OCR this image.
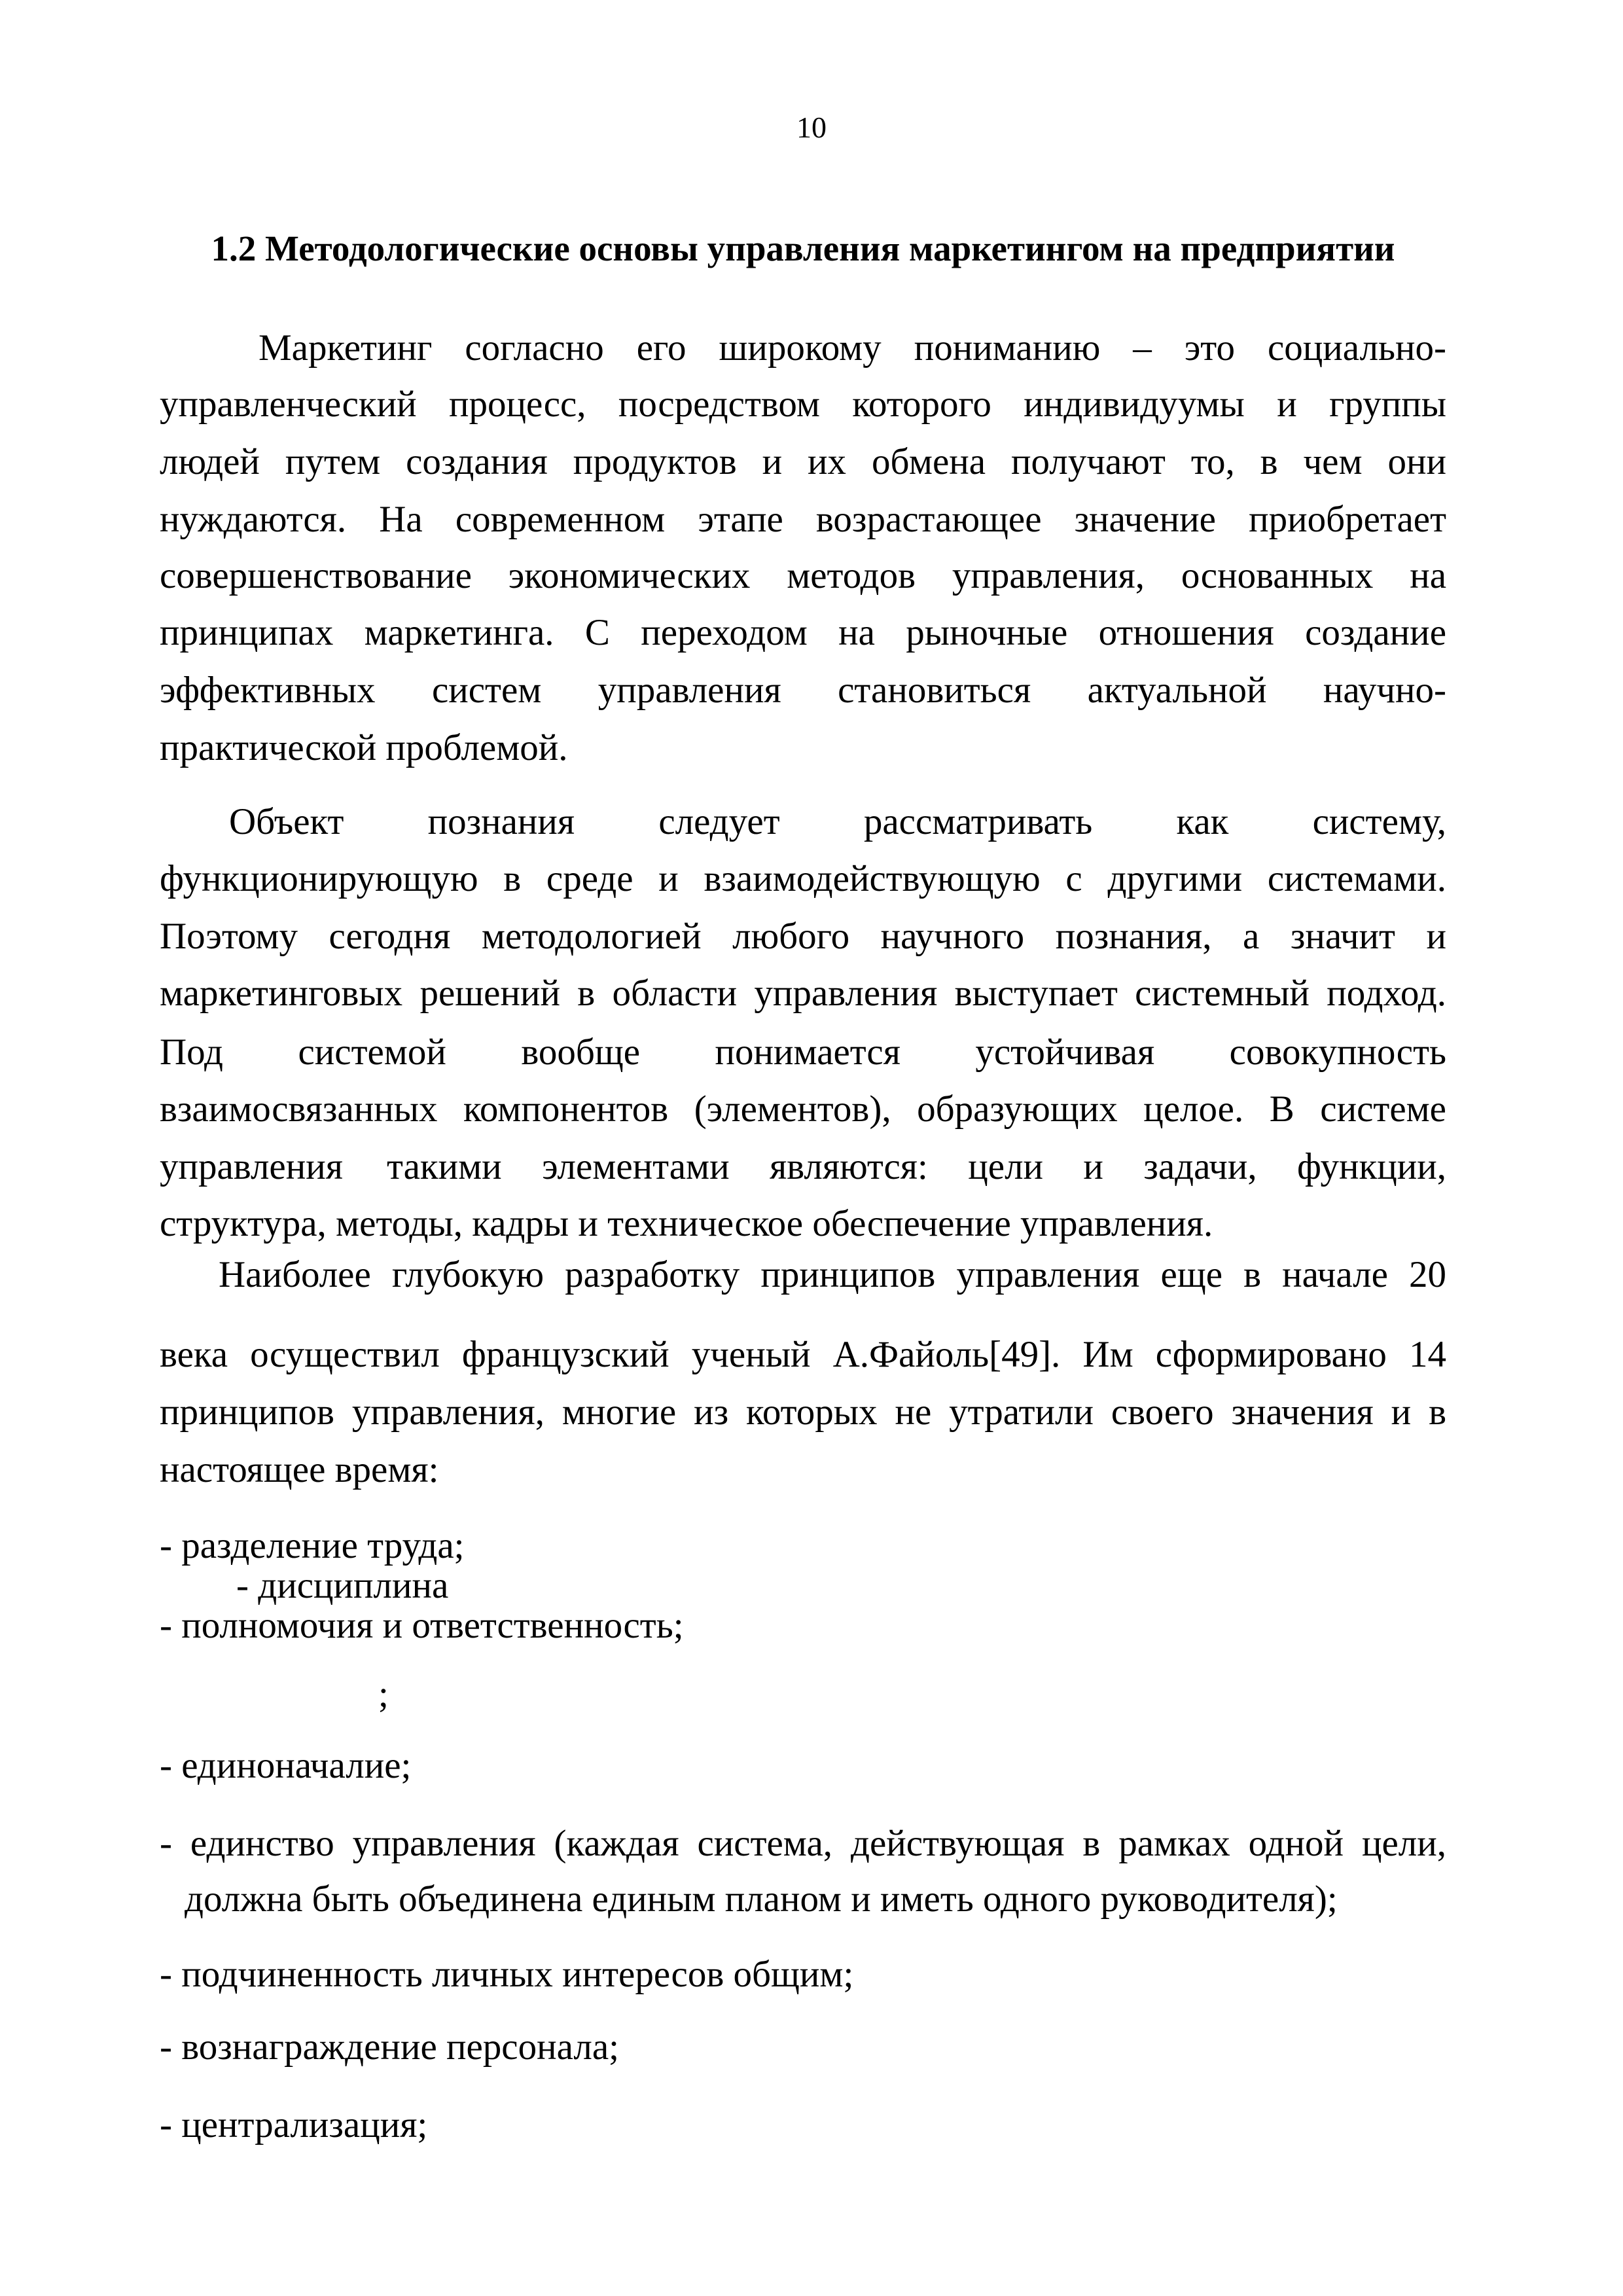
10
1.2 Методологические основы управления маркетингом на предприятии
Маркетинг согласно его широкому пониманию – это социально-
управленческий процесс, посредством которого индивидуумы и группы
людей путем создания продуктов и их обмена получают то, в чем они
нуждаются. На современном этапе возрастающее значение приобретает
совершенствование экономических методов управления, основанных на
принципах маркетинга. С переходом на рыночные отношения создание
эффективных систем управления становиться актуальной научно-
практической проблемой.
Объект познания следует рассматривать как систему,
функционирующую в среде и взаимодействующую с другими системами.
Поэтому сегодня методологией любого научного познания, а значит и
маркетинговых решений в области управления выступает системный подход.
Под системой вообще понимается устойчивая совокупность
взаимосвязанных компонентов (элементов), образующих целое. В системе
управления такими элементами являются: цели и задачи, функции,
структура, методы, кадры и техническое обеспечение управления.
Наиболее глубокую разработку принципов управления еще в начале 20
века осуществил французский ученый А.Файоль[49]. Им сформировано 14
принципов управления, многие из которых не утратили своего значения и в
настоящее время:
- разделение труда;
- дисциплина
- полномочия и ответственность;
;
- единоначалие;
- единство управления (каждая система, действующая в рамках одной цели,
должна быть объединена единым планом и иметь одного руководителя);
- подчиненность личных интересов общим;
- вознаграждение персонала;
- централизация;
